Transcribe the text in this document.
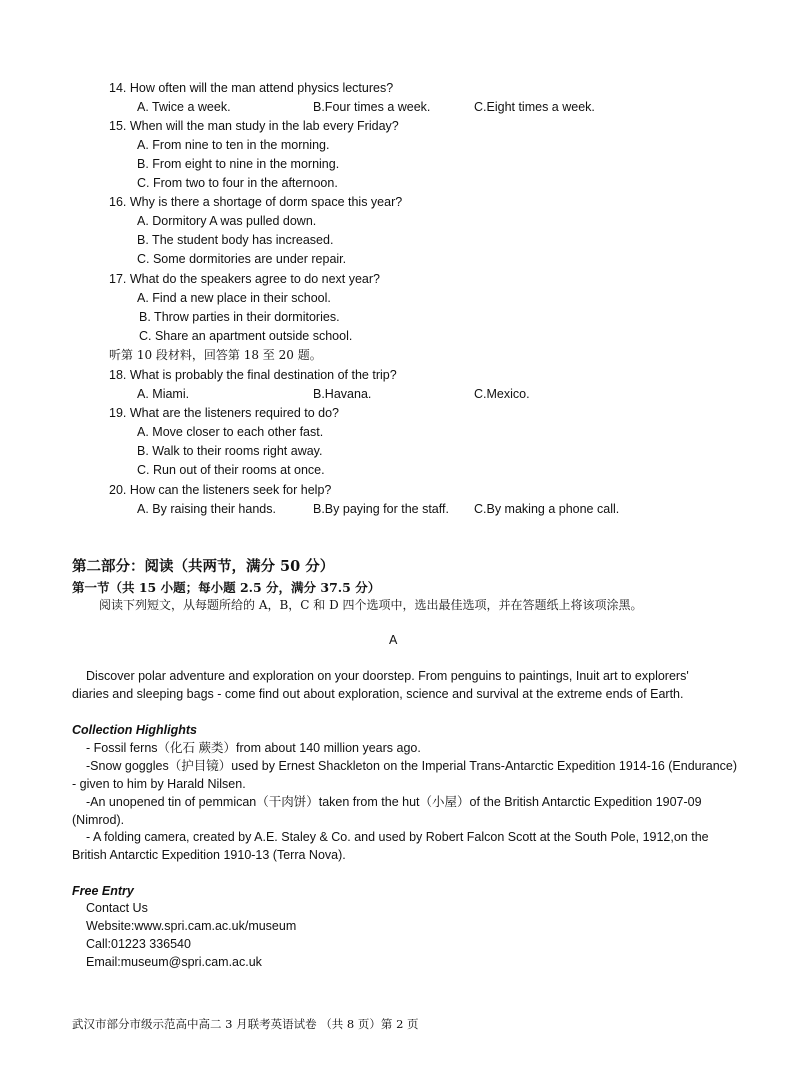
14. How often will the man attend physics lectures?
A. Twice a week.	B.Four times a week.	C.Eight times a week.
15. When will the man study in the lab every Friday?
A. From nine to ten in the morning.
B. From eight to nine in the morning.
C. From two to four in the afternoon.
16. Why is there a shortage of dorm space this year?
A. Dormitory A was pulled down.
B. The student body has increased.
C. Some dormitories are under repair.
17. What do the speakers agree to do next year?
A. Find a new place in their school.
B. Throw parties in their dormitories.
C. Share an apartment outside school.
听第 10 段材料，回答第 18 至 20 题。
18. What is probably the final destination of the trip?
A. Miami.	B.Havana.	C.Mexico.
19. What are the listeners required to do?
A. Move closer to each other fast.
B. Walk to their rooms right away.
C. Run out of their rooms at once.
20. How can the listeners seek for help?
A. By raising their hands.	B.By paying for the staff. C.By making a phone call.
第二部分：阅读（共两节，满分 50 分）
第一节（共 15 小题；每小题 2.5 分，满分 37.5 分）
阅读下列短文，从每题所给的 A，B，C 和 D 四个选项中，选出最佳选项，并在答题纸上将该项涂黑。
A
Discover polar adventure and exploration on your doorstep. From penguins to paintings, Inuit art to explorers'
diaries and sleeping bags - come find out about exploration, science and survival at the extreme ends of Earth.
Collection Highlights
- Fossil ferns（化石 蕨类）from about 140 million years ago.
-Snow goggles（护目镜）used by Ernest Shackleton on the Imperial Trans-Antarctic Expedition 1914-16 (Endurance)
- given to him by Harald Nilsen.
-An unopened tin of pemmican（干肉饼）taken from the hut（小屋）of the British Antarctic Expedition 1907-09
(Nimrod).
- A folding camera, created by A.E. Staley & Co. and used by Robert Falcon Scott at the South Pole, 1912,on the
British Antarctic Expedition 1910-13 (Terra Nova).
Free Entry
Contact Us
Website:www.spri.cam.ac.uk/museum
Call:01223 336540
Email:museum@spri.cam.ac.uk
武汉市部分市级示范高中高二 3 月联考英语试卷 （共 8 页）第 2 页
